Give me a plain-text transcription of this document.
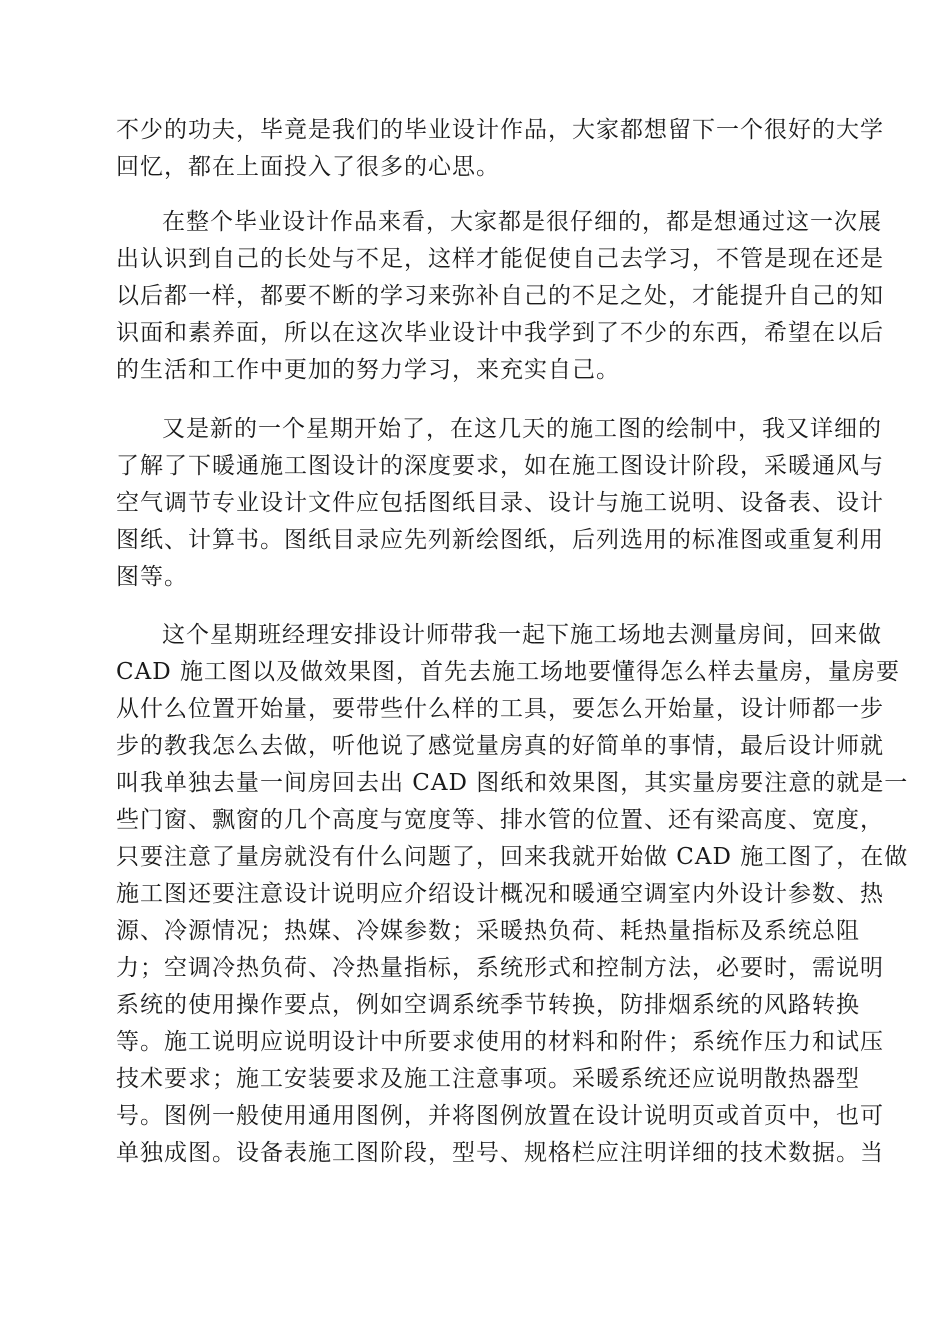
不少的功夫，毕竟是我们的毕业设计作品，大家都想留下一个很好的大学
回忆，都在上面投入了很多的心思。
在整个毕业设计作品来看，大家都是很仔细的，都是想通过这一次展
出认识到自己的长处与不足，这样才能促使自己去学习，不管是现在还是
以后都一样，都要不断的学习来弥补自己的不足之处，才能提升自己的知
识面和素养面，所以在这次毕业设计中我学到了不少的东西，希望在以后
的生活和工作中更加的努力学习，来充实自己。
又是新的一个星期开始了，在这几天的施工图的绘制中，我又详细的
了解了下暖通施工图设计的深度要求，如在施工图设计阶段，采暖通风与
空气调节专业设计文件应包括图纸目录、设计与施工说明、设备表、设计
图纸、计算书。图纸目录应先列新绘图纸，后列选用的标准图或重复利用
图等。
这个星期班经理安排设计师带我一起下施工场地去测量房间，回来做
CAD 施工图以及做效果图，首先去施工场地要懂得怎么样去量房，量房要
从什么位置开始量，要带些什么样的工具，要怎么开始量，设计师都一步
步的教我怎么去做，听他说了感觉量房真的好简单的事情，最后设计师就
叫我单独去量一间房回去出 CAD 图纸和效果图，其实量房要注意的就是一
些门窗、飘窗的几个高度与宽度等、排水管的位置、还有梁高度、宽度，
只要注意了量房就没有什么问题了，回来我就开始做 CAD 施工图了，在做
施工图还要注意设计说明应介绍设计概况和暖通空调室内外设计参数、热
源、冷源情况；热媒、冷媒参数；采暖热负荷、耗热量指标及系统总阻
力；空调冷热负荷、冷热量指标，系统形式和控制方法，必要时，需说明
系统的使用操作要点，例如空调系统季节转换，防排烟系统的风路转换
等。施工说明应说明设计中所要求使用的材料和附件；系统作压力和试压
技术要求；施工安装要求及施工注意事项。采暖系统还应说明散热器型
号。图例一般使用通用图例，并将图例放置在设计说明页或首页中，也可
单独成图。设备表施工图阶段，型号、规格栏应注明详细的技术数据。当
